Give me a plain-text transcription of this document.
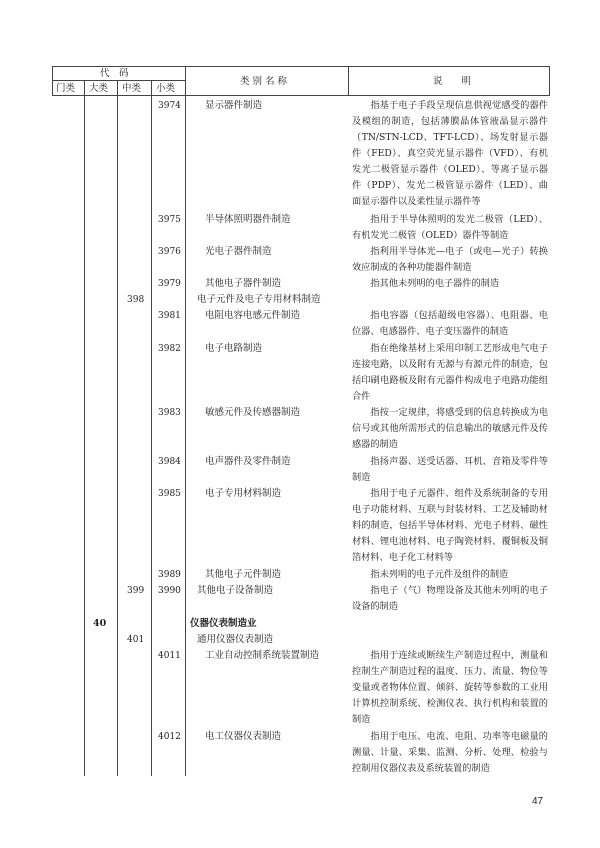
代　码
门类 大类 中类 小类
类 别 名 称	说　　明
3974	显示器件制造	指基于电子手段呈现信息供视觉感受的器件及模组的制造，包括薄膜晶体管液晶显示器件（TN/STN-LCD、TFT-LCD）、场发射显示器件（FED）、真空荧光显示器件（VFD）、有机发光二极管显示器件（OLED）、等离子显示器件（PDP）、发光二极管显示器件（LED）、曲面显示器件以及柔性显示器件等
3975	半导体照明器件制造	指用于半导体照明的发光二极管（LED）、有机发光二极管（OLED）器件等制造
3976	光电子器件制造	指利用半导体光—电子（或电—光子）转换效应制成的各种功能器件制造
3979	其他电子器件制造	指其他未列明的电子器件的制造
398	电子元件及电子专用材料制造
3981	电阻电容电感元件制造	指电容器（包括超级电容器）、电阻器、电位器、电感器件、电子变压器件的制造
3982	电子电路制造	指在绝缘基材上采用印制工艺形成电气电子连接电路，以及附有无源与有源元件的制造，包括印刷电路板及附有元器件构成电子电路功能组合件
3983	敏感元件及传感器制造	指按一定规律，将感受到的信息转换成为电信号或其他所需形式的信息输出的敏感元件及传感器的制造
3984	电声器件及零件制造	指扬声器、送受话器、耳机、音箱及零件等制造
3985	电子专用材料制造	指用于电子元器件、组件及系统制备的专用电子功能材料、互联与封装材料、工艺及辅助材料的制造，包括半导体材料、光电子材料、磁性材料、锂电池材料、电子陶瓷材料、覆铜板及铜箔材料、电子化工材料等
3989	其他电子元件制造	指未列明的电子元件及组件的制造
399	3990	其他电子设备制造	指电子（气）物理设备及其他未列明的电子设备的制造
40	仪器仪表制造业
401	通用仪器仪表制造
4011	工业自动控制系统装置制造	指用于连续或断续生产制造过程中，测量和控制生产制造过程的温度、压力、流量、物位等变量或者物体位置、倾斜、旋转等参数的工业用计算机控制系统、检测仪表、执行机构和装置的制造
4012	电工仪器仪表制造	指用于电压、电流、电阻、功率等电磁量的测量、计量、采集、监测、分析、处理、检验与控制用仪器仪表及系统装置的制造
47
